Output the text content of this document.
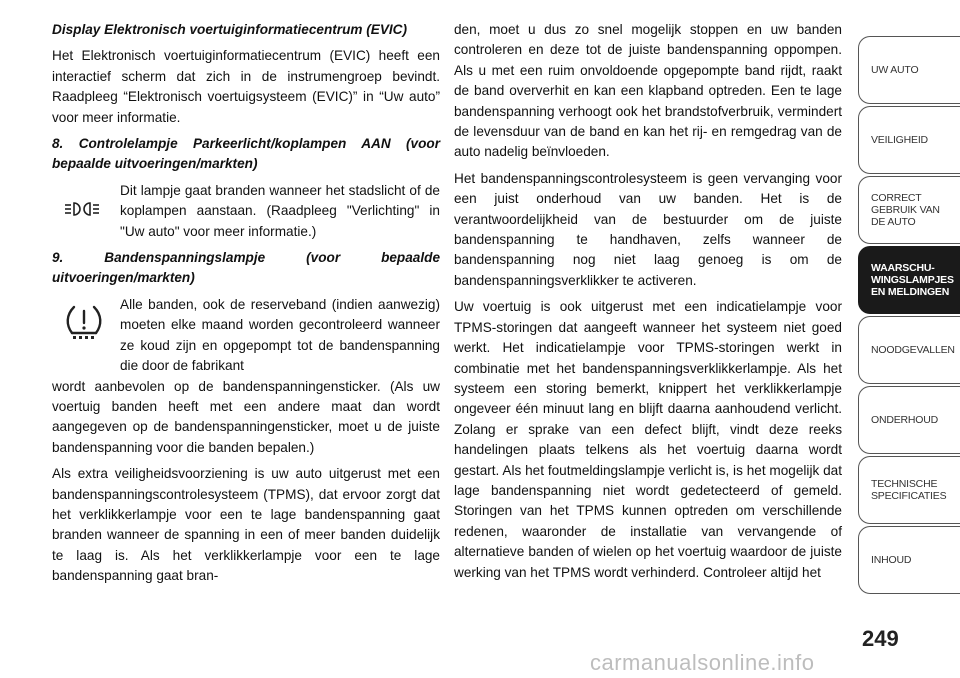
Display Elektronisch voertuiginformatiecentrum (EVIC)

Het Elektronisch voertuiginformatiecentrum (EVIC) heeft een interactief scherm dat zich in de instrumengroep bevindt. Raadpleeg “Elektronisch voertuigsysteem (EVIC)” in “Uw auto” voor meer informatie.

8. Controlelampje Parkeerlicht/koplampen AAN (voor bepaalde uitvoeringen/markten)

Dit lampje gaat branden wanneer het stadslicht of de koplampen aanstaan. (Raadpleeg "Verlichting" in "Uw auto" voor meer informatie.)

9. Bandenspanningslampje (voor bepaalde uitvoeringen/markten)

Alle banden, ook de reserveband (indien aanwezig) moeten elke maand worden gecontroleerd wanneer ze koud zijn en opgepompt tot de bandenspanning die door de fabrikant

wordt aanbevolen op de bandenspanningensticker. (Als uw voertuig banden heeft met een andere maat dan wordt aangegeven op de bandenspanningensticker, moet u de juiste bandenspanning voor die banden bepalen.)

Als extra veiligheidsvoorziening is uw auto uitgerust met een bandenspanningscontrolesysteem (TPMS), dat ervoor zorgt dat het verklikkerlampje voor een te lage bandenspanning gaat branden wanneer de spanning in een of meer banden duidelijk te laag is. Als het verklikkerlampje voor een te lage bandenspanning gaat bran-

den, moet u dus zo snel mogelijk stoppen en uw banden controleren en deze tot de juiste bandenspanning oppompen. Als u met een ruim onvoldoende opgepompte band rijdt, raakt de band oververhit en kan een klapband optreden. Een te lage bandenspanning verhoogt ook het brandstofverbruik, vermindert de levensduur van de band en kan het rij- en remgedrag van de auto nadelig beïnvloeden.

Het bandenspanningscontrolesysteem is geen vervanging voor een juist onderhoud van uw banden. Het is de verantwoordelijkheid van de bestuurder om de juiste bandenspanning te handhaven, zelfs wanneer de bandenspanning nog niet laag genoeg is om de bandenspanningsverklikker te activeren.

Uw voertuig is ook uitgerust met een indicatielampje voor TPMS-storingen dat aangeeft wanneer het systeem niet goed werkt. Het indicatielampje voor TPMS-storingen werkt in combinatie met het bandenspanningsverklikkerlampje. Als het systeem een storing bemerkt, knippert het verklikkerlampje ongeveer één minuut lang en blijft daarna aanhoudend verlicht. Zolang er sprake van een defect blijft, vindt deze reeks handelingen plaats telkens als het voertuig daarna wordt gestart. Als het foutmeldingslampje verlicht is, is het mogelijk dat lage bandenspanning niet wordt gedetecteerd of gemeld. Storingen van het TPMS kunnen optreden om verschillende redenen, waaronder de installatie van vervangende of alternatieve banden of wielen op het voertuig waardoor de juiste werking van het TPMS wordt verhinderd. Controleer altijd het

UW AUTO
VEILIGHEID
CORRECT
GEBRUIK VAN
DE AUTO
WAARSCHU-
WINGSLAMPJES
EN MELDINGEN
NOODGEVALLEN
ONDERHOUD
TECHNISCHE
SPECIFICATIES
INHOUD
249
carmanualsonline.info
